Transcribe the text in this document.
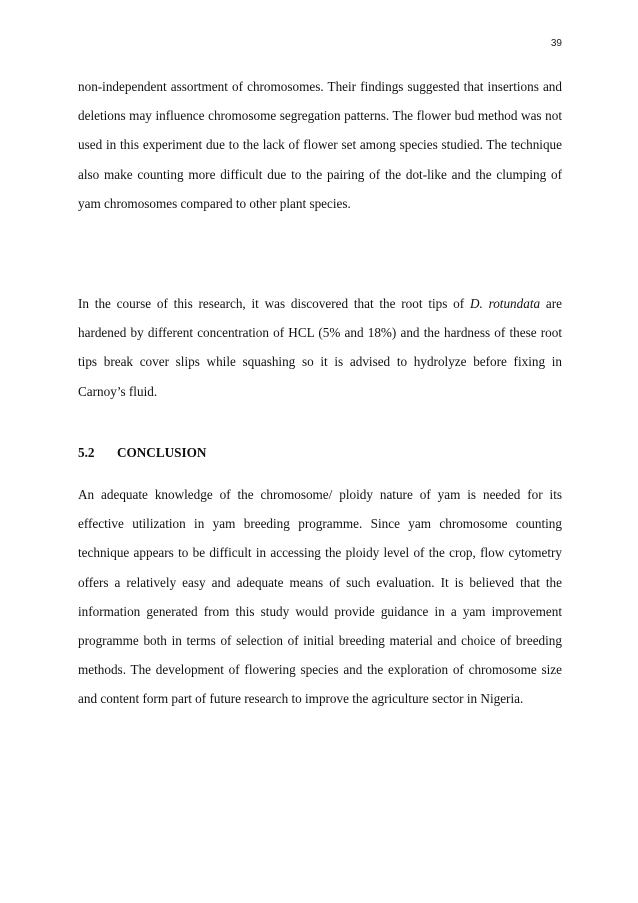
39

non-independent assortment of chromosomes. Their findings suggested that insertions and deletions may influence chromosome segregation patterns. The flower bud method was not used in this experiment due to the lack of flower set among species studied. The technique also make counting more difficult due to the pairing of the dot-like and the clumping of yam chromosomes compared to other plant species.

In the course of this research, it was discovered that the root tips of D. rotundata are hardened by different concentration of HCL (5% and 18%) and the hardness of these root tips break cover slips while squashing so it is advised to hydrolyze before fixing in Carnoy’s fluid.

5.2 CONCLUSION

An adequate knowledge of the chromosome/ ploidy nature of yam is needed for its effective utilization in yam breeding programme. Since yam chromosome counting technique appears to be difficult in accessing the ploidy level of the crop, flow cytometry offers a relatively easy and adequate means of such evaluation. It is believed that the information generated from this study would provide guidance in a yam improvement programme both in terms of selection of initial breeding material and choice of breeding methods. The development of flowering species and the exploration of chromosome size and content form part of future research to improve the agriculture sector in Nigeria.
